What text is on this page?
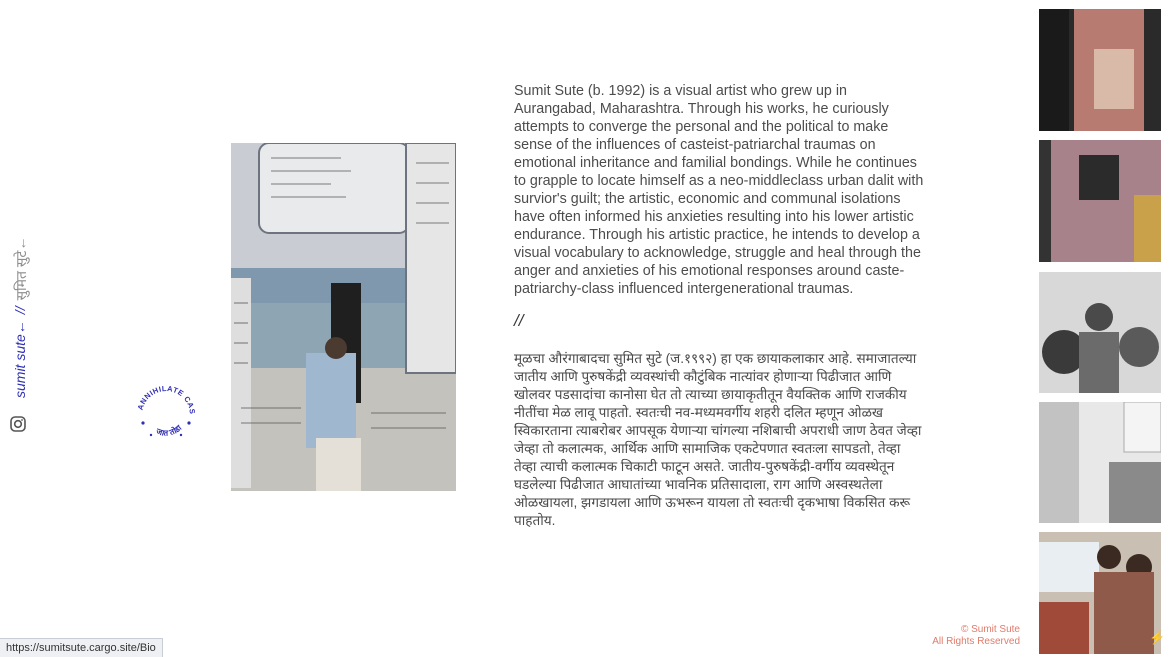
sumit sute←
//
सुमित सुटे←
ANNIHILATE CAS
जात तोडा

Sumit Sute (b. 1992) is a visual artist who grew up in Aurangabad, Maharashtra. Through his works, he curiously attempts to converge the personal and the political to make sense of the influences of casteist-patriarchal traumas on emotional inheritance and familial bondings. While he continues to grapple to locate himself as a neo-middleclass urban dalit with survior's guilt; the artistic, economic and communal isolations have often informed his anxieties resulting into his lower artistic endurance. Through his artistic practice, he intends to develop a visual vocabulary to acknowledge, struggle and heal through the anger and anxieties of his emotional responses around caste-patriarchy-class influenced intergenerational traumas.

//

मूळचा औरंगाबादचा सुमित सुटे (ज.१९९२) हा एक छायाकलाकार आहे. समाजातल्या जातीय आणि पुरुषकेंद्री व्यवस्थांची कौटुंबिक नात्यांवर होणाऱ्या पिढीजात आणि खोलवर पडसादांचा कानोसा घेत तो त्याच्या छायाकृतीतून वैयक्तिक आणि राजकीय नीतींचा मेळ लावू पाहतो. स्वतःची नव-मध्यमवर्गीय शहरी दलित म्हणून ओळख स्विकारताना त्याबरोबर आपसूक येणाऱ्या चांगल्या नशिबाची अपराधी जाण ठेवत जेव्हा जेव्हा तो कलात्मक, आर्थिक आणि सामाजिक एकटेपणात स्वतःला सापडतो, तेव्हा तेव्हा त्याची कलात्मक चिकाटी फाटून असते. जातीय-पुरुषकेंद्री-वर्गीय व्यवस्थेतून घडलेल्या पिढीजात आघातांच्या भावनिक प्रतिसादाला, राग आणि अस्वस्थतेला ओळखायला, झगडायला आणि ऊभरून यायला तो स्वतःची दृकभाषा विकसित करू पाहतोय.

© Sumit Sute
All Rights Reserved	⚡
https://sumitsute.cargo.site/Bio
